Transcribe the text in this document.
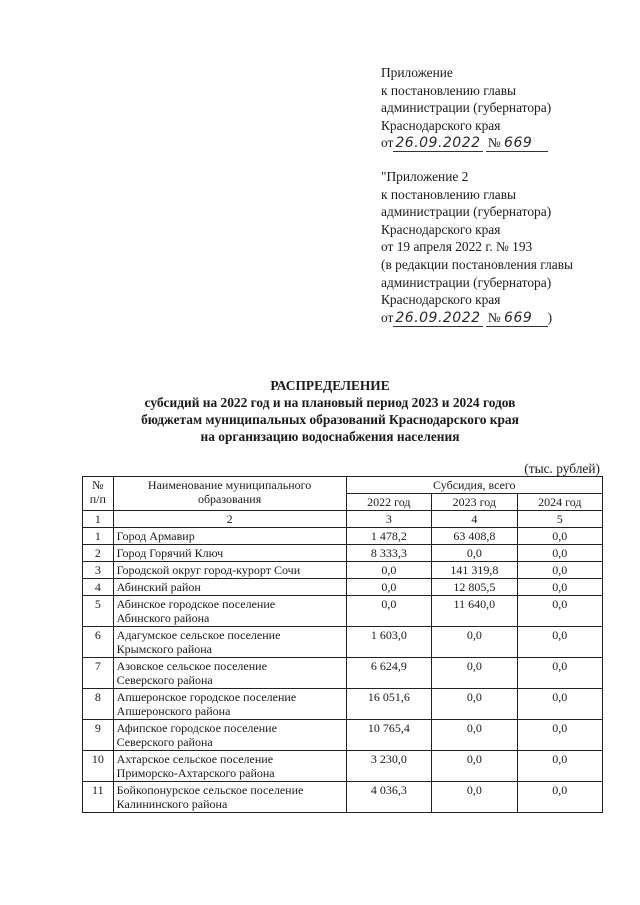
Приложение
к постановлению главы
администрации (губернатора)
Краснодарского края
от 26.09.2022 № 669
"Приложение 2
к постановлению главы
администрации (губернатора)
Краснодарского края
от 19 апреля 2022 г. № 193
(в редакции постановления главы
администрации (губернатора)
Краснодарского края
от 26.09.2022 № 669 )
РАСПРЕДЕЛЕНИЕ
субсидий на 2022 год и на плановый период 2023 и 2024 годов
бюджетам муниципальных образований Краснодарского края
на организацию водоснабжения населения
(тыс. рублей)
№ п/п	Наименование муниципального образования	Субсидия, всего		
		2022 год	2023 год	2024 год
1	2	3	4	5
1	Город Армавир	1 478,2	63 408,8	0,0
2	Город Горячий Ключ	8 333,3	0,0	0,0
3	Городской округ город-курорт Сочи	0,0	141 319,8	0,0
4	Абинский район	0,0	12 805,5	0,0
5	Абинское городское поселение
Абинского района	0,0	11 640,0	0,0
6	Адагумское сельское поселение
Крымского района	1 603,0	0,0	0,0
7	Азовское сельское поселение
Северского района	6 624,9	0,0	0,0
8	Апшеронское городское поселение
Апшеронского района	16 051,6	0,0	0,0
9	Афипское городское поселение
Северского района	10 765,4	0,0	0,0
10	Ахтарское сельское поселение
Приморско-Ахтарского района	3 230,0	0,0	0,0
11	Бойкопонурское сельское поселение
Калининского района	4 036,3	0,0	0,0
